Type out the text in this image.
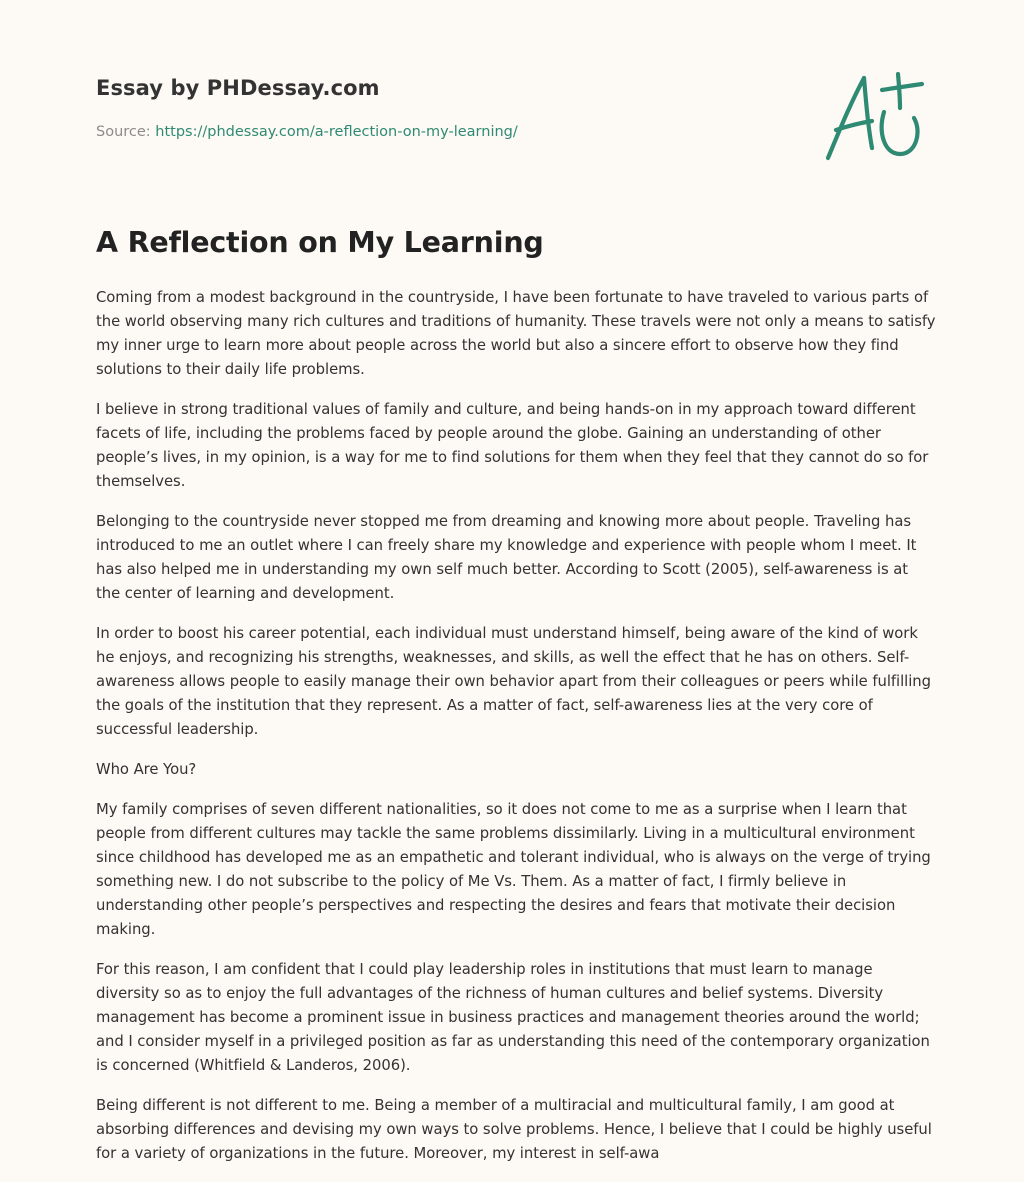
Essay by PHDessay.com
Source: https://phdessay.com/a-reflection-on-my-learning/
A Reflection on My Learning

Coming from a modest background in the countryside, I have been fortunate to have traveled to various parts of the world observing many rich cultures and traditions of humanity. These travels were not only a means to satisfy my inner urge to learn more about people across the world but also a sincere effort to observe how they find solutions to their daily life problems.

I believe in strong traditional values of family and culture, and being hands-on in my approach toward different facets of life, including the problems faced by people around the globe. Gaining an understanding of other people’s lives, in my opinion, is a way for me to find solutions for them when they feel that they cannot do so for themselves.

Belonging to the countryside never stopped me from dreaming and knowing more about people. Traveling has introduced to me an outlet where I can freely share my knowledge and experience with people whom I meet. It has also helped me in understanding my own self much better. According to Scott (2005), self-awareness is at the center of learning and development.

In order to boost his career potential, each individual must understand himself, being aware of the kind of work he enjoys, and recognizing his strengths, weaknesses, and skills, as well the effect that he has on others. Self-awareness allows people to easily manage their own behavior apart from their colleagues or peers while fulfilling the goals of the institution that they represent. As a matter of fact, self-awareness lies at the very core of successful leadership.

Who Are You?

My family comprises of seven different nationalities, so it does not come to me as a surprise when I learn that people from different cultures may tackle the same problems dissimilarly. Living in a multicultural environment since childhood has developed me as an empathetic and tolerant individual, who is always on the verge of trying something new. I do not subscribe to the policy of Me Vs. Them. As a matter of fact, I firmly believe in understanding other people’s perspectives and respecting the desires and fears that motivate their decision making.

For this reason, I am confident that I could play leadership roles in institutions that must learn to manage diversity so as to enjoy the full advantages of the richness of human cultures and belief systems. Diversity management has become a prominent issue in business practices and management theories around the world; and I consider myself in a privileged position as far as understanding this need of the contemporary organization is concerned (Whitfield & Landeros, 2006).

Being different is not different to me. Being a member of a multiracial and multicultural family, I am good at absorbing differences and devising my own ways to solve problems. Hence, I believe that I could be highly useful for a variety of organizations in the future. Moreover, my interest in self-awa
